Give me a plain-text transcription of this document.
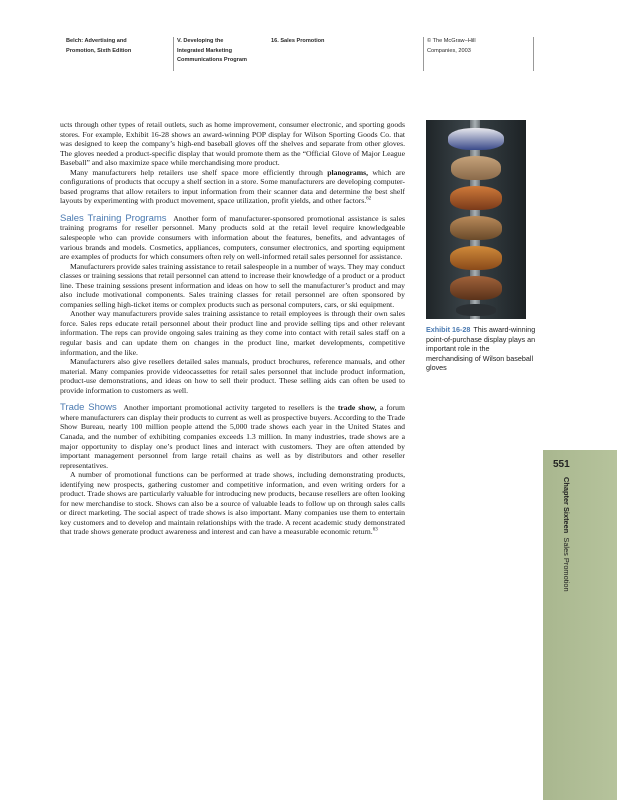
Belch: Advertising and
Promotion, Sixth Edition
V. Developing the
Integrated Marketing
Communications Program
16. Sales Promotion	© The McGraw−Hill
Companies, 2003

ucts through other types of retail outlets, such as home improvement, consumer electronic, and sporting goods stores. For example, Exhibit 16-28 shows an award-winning POP display for Wilson Sporting Goods Co. that was designed to keep the company’s high-end baseball gloves off the shelves and separate from other gloves. The gloves needed a product-specific display that would promote them as the “Official Glove of Major League Baseball” and also maximize space while merchandising more product.

Many manufacturers help retailers use shelf space more efficiently through planograms, which are configurations of products that occupy a shelf section in a store. Some manufacturers are developing computer-based programs that allow retailers to input information from their scanner data and determine the best shelf layouts by experimenting with product movement, space utilization, profit yields, and other factors.$^{62}$

Sales Training Programs Another form of manufacturer-sponsored promotional assistance is sales training programs for reseller personnel. Many products sold at the retail level require knowledgeable salespeople who can provide consumers with information about the features, benefits, and advantages of various brands and models. Cosmetics, appliances, computers, consumer electronics, and sporting equipment are examples of products for which consumers often rely on well-informed retail sales personnel for assistance.

Manufacturers provide sales training assistance to retail salespeople in a number of ways. They may conduct classes or training sessions that retail personnel can attend to increase their knowledge of a product or a product line. These training sessions present information and ideas on how to sell the manufacturer’s product and may also include motivational components. Sales training classes for retail personnel are often sponsored by companies selling high-ticket items or complex products such as personal computers, cars, or ski equipment.

Another way manufacturers provide sales training assistance to retail employees is through their own sales force. Sales reps educate retail personnel about their product line and provide selling tips and other relevant information. The reps can provide ongoing sales training as they come into contact with retail sales staff on a regular basis and can update them on changes in the product line, market developments, competitive information, and the like.

Manufacturers also give resellers detailed sales manuals, product brochures, reference manuals, and other material. Many companies provide videocassettes for retail sales personnel that include product information, product-use demonstrations, and ideas on how to sell their product. These selling aids can often be used to provide information to customers as well.

Trade Shows Another important promotional activity targeted to resellers is the trade show, a forum where manufacturers can display their products to current as well as prospective buyers. According to the Trade Show Bureau, nearly 100 million people attend the 5,000 trade shows each year in the United States and Canada, and the number of exhibiting companies exceeds 1.3 million. In many industries, trade shows are a major opportunity to display one’s product lines and interact with customers. They are often attended by important management personnel from large retail chains as well as by distributors and other reseller representatives.

A number of promotional functions can be performed at trade shows, including demonstrating products, identifying new prospects, gathering customer and competitive information, and even writing orders for a product. Trade shows are particularly valuable for introducing new products, because resellers are often looking for new merchandise to stock. Shows can also be a source of valuable leads to follow up on through sales calls or direct marketing. The social aspect of trade shows is also important. Many companies use them to entertain key customers and to develop and maintain relationships with the trade. A recent academic study demonstrated that trade shows generate product awareness and interest and can have a measurable economic return.$^{63}$

Exhibit 16-28 This award-winning point-of-purchase display plays an important role in the merchandising of Wilson baseball gloves
551
Chapter Sixteen  Sales Promotion
